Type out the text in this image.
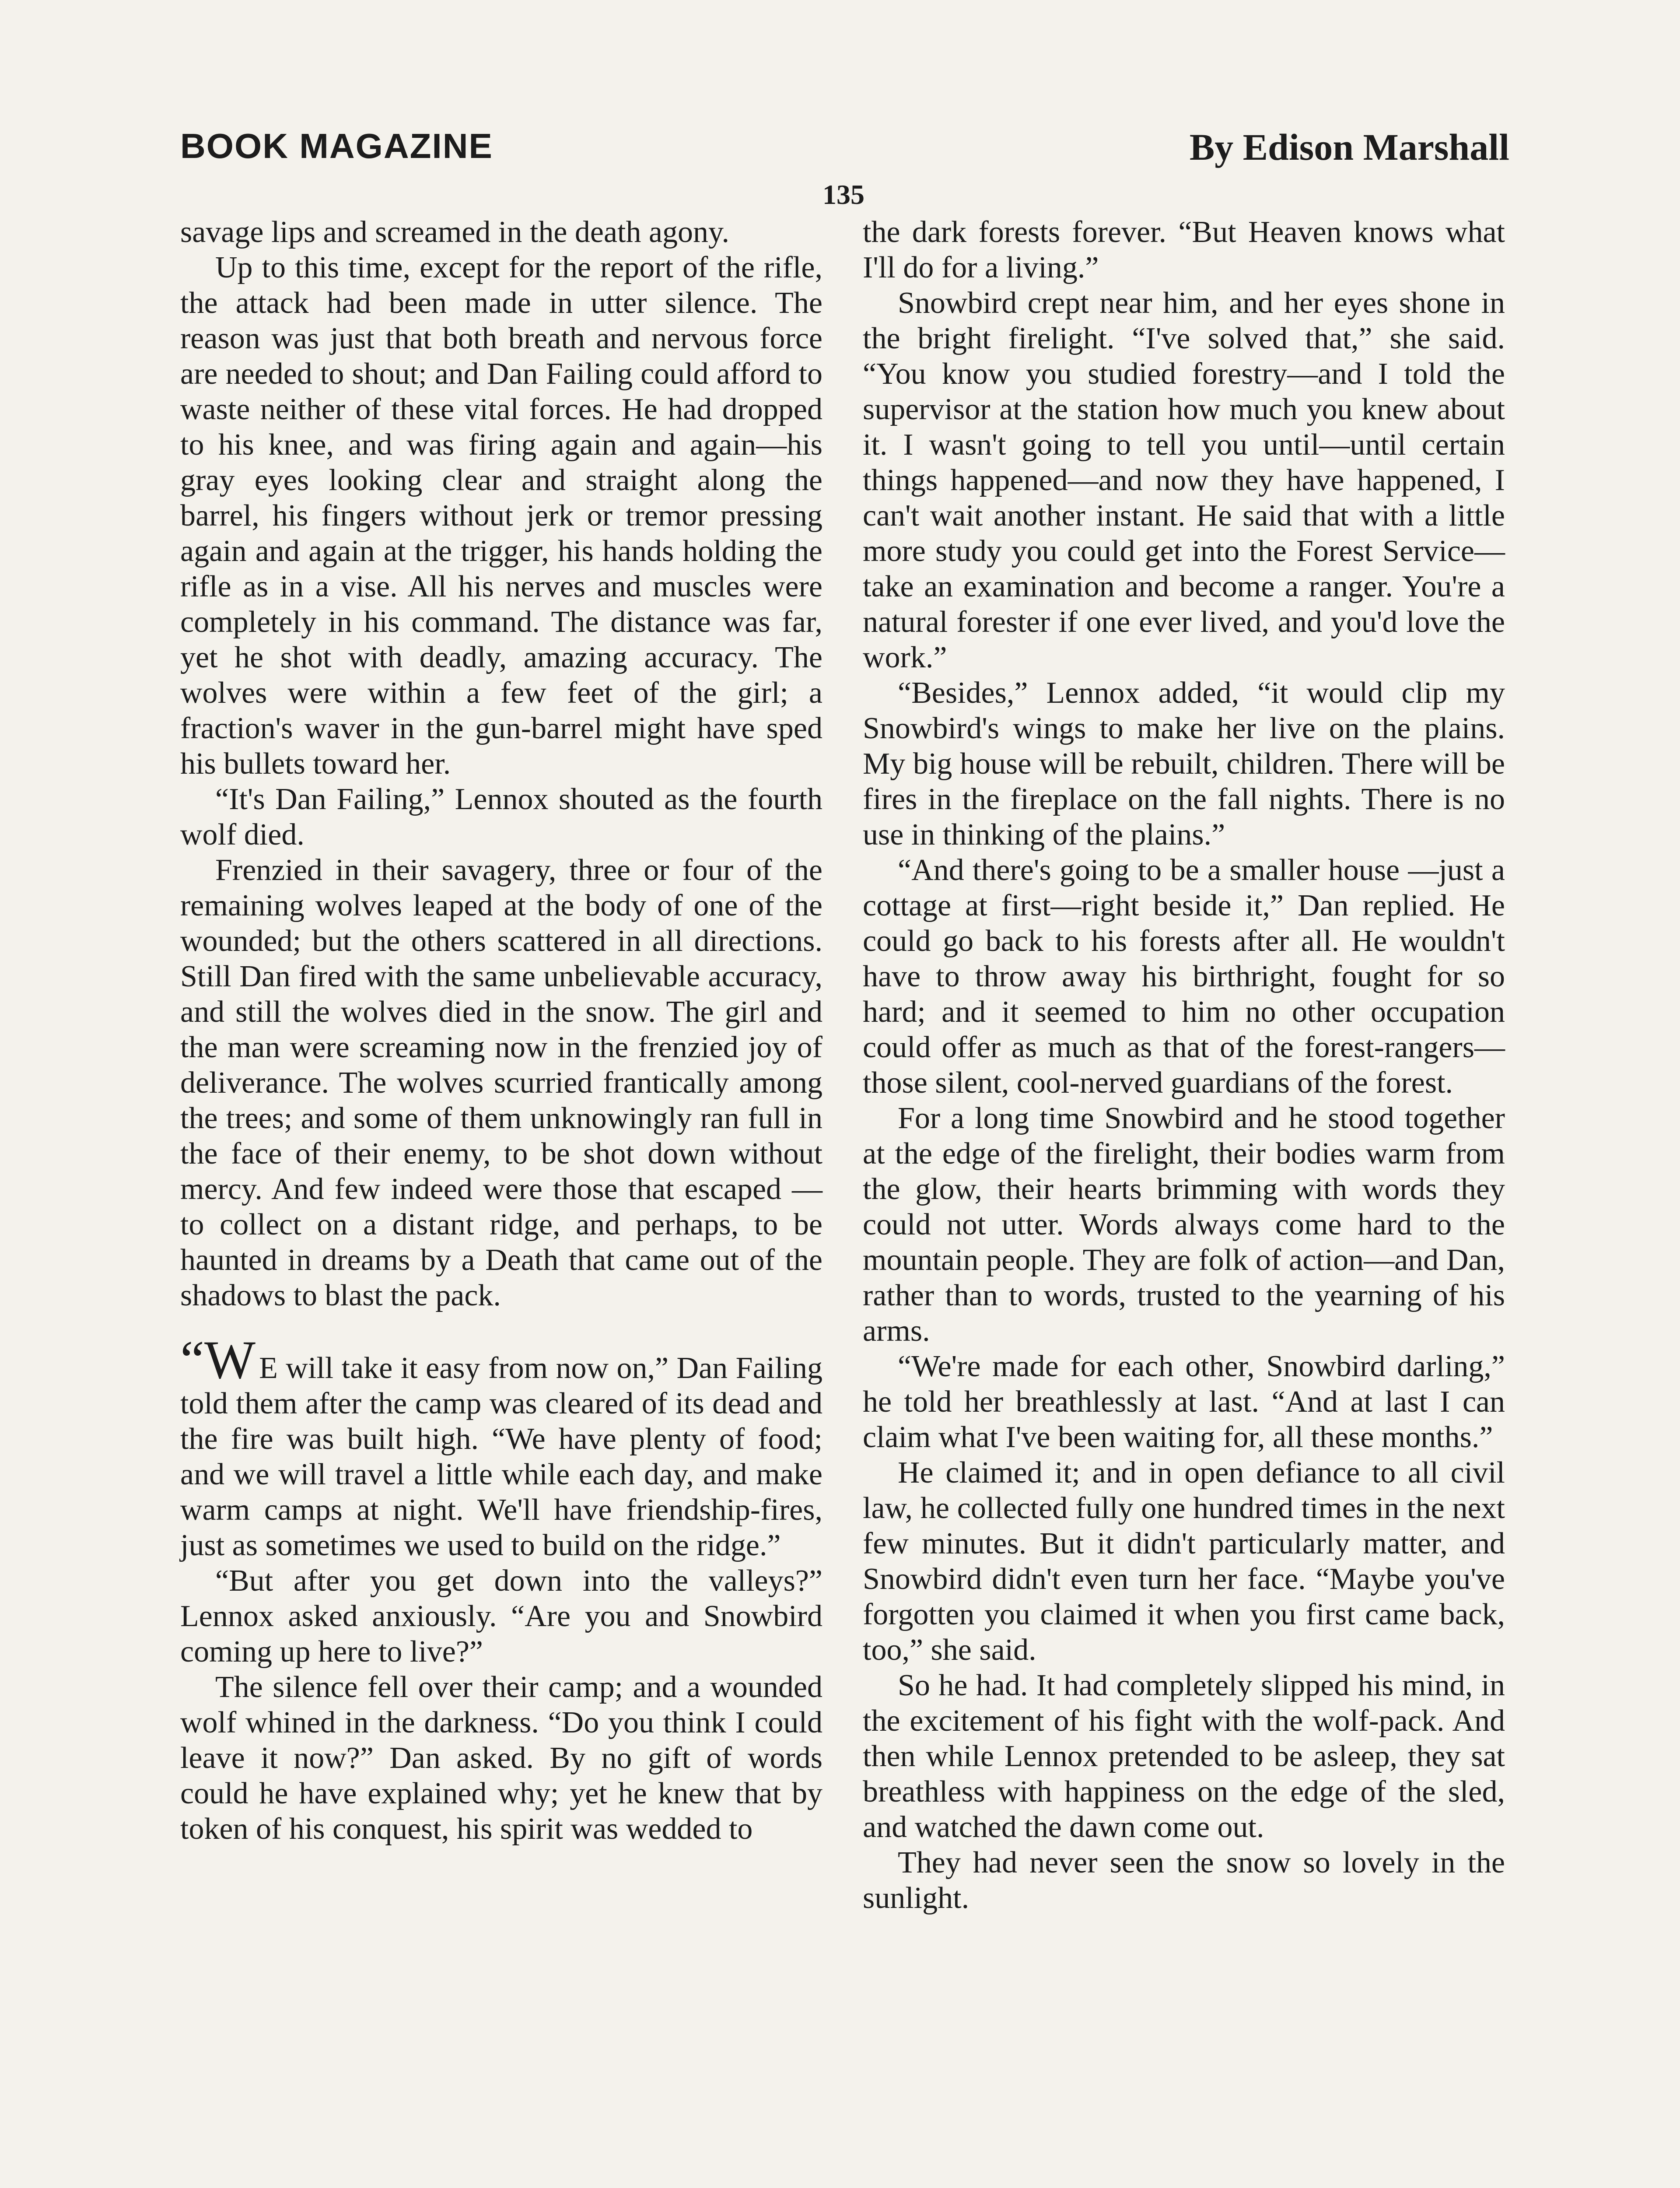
BOOK MAGAZINE	By Edison Marshall
135

savage lips and screamed in the death agony.

Up to this time, except for the report of the rifle, the attack had been made in utter silence. The reason was just that both breath and nervous force are needed to shout; and Dan Failing could afford to waste neither of these vital forces. He had dropped to his knee, and was firing again and again—his gray eyes looking clear and straight along the barrel, his fingers without jerk or tremor pressing again and again at the trigger, his hands holding the rifle as in a vise. All his nerves and muscles were completely in his command. The distance was far, yet he shot with deadly, amazing accuracy. The wolves were within a few feet of the girl; a fraction's waver in the gun-barrel might have sped his bullets toward her.

“It's Dan Failing,” Lennox shouted as the fourth wolf died.

Frenzied in their savagery, three or four of the remaining wolves leaped at the body of one of the wounded; but the others scattered in all directions. Still Dan fired with the same unbelievable accuracy, and still the wolves died in the snow. The girl and the man were screaming now in the frenzied joy of deliverance. The wolves scurried frantically among the trees; and some of them unknowingly ran full in the face of their enemy, to be shot down without mercy. And few indeed were those that escaped —to collect on a distant ridge, and perhaps, to be haunted in dreams by a Death that came out of the shadows to blast the pack.

“W E will take it easy from now on,” Dan Failing told them after the camp was cleared of its dead and the fire was built high. “We have plenty of food; and we will travel a little while each day, and make warm camps at night. We'll have friendship-fires, just as sometimes we used to build on the ridge.”

“But after you get down into the valleys?” Lennox asked anxiously. “Are you and Snowbird coming up here to live?”

The silence fell over their camp; and a wounded wolf whined in the darkness. “Do you think I could leave it now?” Dan asked. By no gift of words could he have explained why; yet he knew that by token of his conquest, his spirit was wedded to

the dark forests forever. “But Heaven knows what I'll do for a living.”

Snowbird crept near him, and her eyes shone in the bright firelight. “I've solved that,” she said. “You know you studied forestry—and I told the supervisor at the station how much you knew about it. I wasn't going to tell you until—until certain things happened—and now they have happened, I can't wait another instant. He said that with a little more study you could get into the Forest Service—take an examination and become a ranger. You're a natural forester if one ever lived, and you'd love the work.”

“Besides,” Lennox added, “it would clip my Snowbird's wings to make her live on the plains. My big house will be rebuilt, children. There will be fires in the fireplace on the fall nights. There is no use in thinking of the plains.”

“And there's going to be a smaller house —just a cottage at first—right beside it,” Dan replied. He could go back to his forests after all. He wouldn't have to throw away his birthright, fought for so hard; and it seemed to him no other occupation could offer as much as that of the forest-rangers—those silent, cool-nerved guardians of the forest.

For a long time Snowbird and he stood together at the edge of the firelight, their bodies warm from the glow, their hearts brimming with words they could not utter. Words always come hard to the mountain people. They are folk of action—and Dan, rather than to words, trusted to the yearning of his arms.

“We're made for each other, Snowbird darling,” he told her breathlessly at last. “And at last I can claim what I've been waiting for, all these months.”

He claimed it; and in open defiance to all civil law, he collected fully one hundred times in the next few minutes. But it didn't particularly matter, and Snowbird didn't even turn her face. “Maybe you've forgotten you claimed it when you first came back, too,” she said.

So he had. It had completely slipped his mind, in the excitement of his fight with the wolf-pack. And then while Lennox pretended to be asleep, they sat breathless with happiness on the edge of the sled, and watched the dawn come out.

They had never seen the snow so lovely in the sunlight.
